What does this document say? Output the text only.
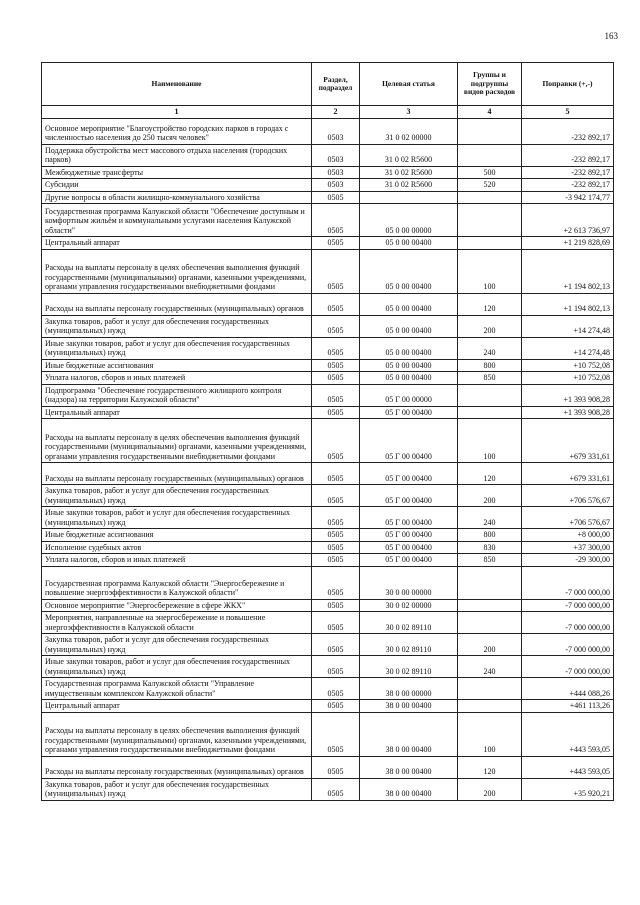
163
Наименование	Раздел, подраздел	Целевая статья	Группы и подгруппы видов расходов	Поправки (+,-)
1	2	3	4	5
Основное мероприятие "Благоустройство городских парков в городах с численностью населения до 250 тысяч человек"	0503	31 0 02 00000		-232 892,17
Поддержка обустройства мест массового отдыха населения (городских парков)	0503	31 0 02 R5600		-232 892,17
Межбюджетные трансферты	0503	31 0 02 R5600	500	-232 892,17
Субсидии	0503	31 0 02 R5600	520	-232 892,17
Другие вопросы в области жилищно-коммунального хозяйства	0505			-3 942 174,77
Государственная программа Калужской области "Обеспечение доступным и комфортным жильём и коммунальными услугами населения Калужской области"	0505	05 0 00 00000		+2 613 736,97
Центральный аппарат	0505	05 0 00 00400		+1 219 828,69
Расходы на выплаты персоналу в целях обеспечения выполнения функций государственными (муниципальными) органами, казенными учреждениями, органами управления государственными внебюджетными фондами	0505	05 0 00 00400	100	+1 194 802,13
Расходы на выплаты персоналу государственных (муниципальных) органов	0505	05 0 00 00400	120	+1 194 802,13
Закупка товаров, работ и услуг для обеспечения государственных (муниципальных) нужд	0505	05 0 00 00400	200	+14 274,48
Иные закупки товаров, работ и услуг для обеспечения государственных (муниципальных) нужд	0505	05 0 00 00400	240	+14 274,48
Иные бюджетные ассигнования	0505	05 0 00 00400	800	+10 752,08
Уплата налогов, сборов и иных платежей	0505	05 0 00 00400	850	+10 752,08
Подпрограмма "Обеспечение государственного жилищного контроля (надзора) на территории Калужской области"	0505	05 Г 00 00000		+1 393 908,28
Центральный аппарат	0505	05 Г 00 00400		+1 393 908,28
Расходы на выплаты персоналу в целях обеспечения выполнения функций государственными (муниципальными) органами, казенными учреждениями, органами управления государственными внебюджетными фондами	0505	05 Г 00 00400	100	+679 331,61
Расходы на выплаты персоналу государственных (муниципальных) органов	0505	05 Г 00 00400	120	+679 331,61
Закупка товаров, работ и услуг для обеспечения государственных (муниципальных) нужд	0505	05 Г 00 00400	200	+706 576,67
Иные закупки товаров, работ и услуг для обеспечения государственных (муниципальных) нужд	0505	05 Г 00 00400	240	+706 576,67
Иные бюджетные ассигнования	0505	05 Г 00 00400	800	+8 000,00
Исполнение судебных актов	0505	05 Г 00 00400	830	+37 300,00
Уплата налогов, сборов и иных платежей	0505	05 Г 00 00400	850	-29 300,00
Государственная программа Калужской области "Энергосбережение и повышение энергоэффективности в Калужской области"	0505	30 0 00 00000		-7 000 000,00
Основное мероприятие "Энергосбережение в сфере ЖКХ"	0505	30 0 02 00000		-7 000 000,00
Мероприятия, направленные на энергосбережение и повышение энергоэффективности в Калужской области	0505	30 0 02 89110		-7 000 000,00
Закупка товаров, работ и услуг для обеспечения государственных (муниципальных) нужд	0505	30 0 02 89110	200	-7 000 000,00
Иные закупки товаров, работ и услуг для обеспечения государственных (муниципальных) нужд	0505	30 0 02 89110	240	-7 000 000,00
Государственная программа Калужской области "Управление имущественным комплексом Калужской области"	0505	38 0 00 00000		+444 088,26
Центральный аппарат	0505	38 0 00 00400		+461 113,26
Расходы на выплаты персоналу в целях обеспечения выполнения функций государственными (муниципальными) органами, казенными учреждениями, органами управления государственными внебюджетными фондами	0505	38 0 00 00400	100	+443 593,05
Расходы на выплаты персоналу государственных (муниципальных) органов	0505	38 0 00 00400	120	+443 593,05
Закупка товаров, работ и услуг для обеспечения государственных (муниципальных) нужд	0505	38 0 00 00400	200	+35 920,21
